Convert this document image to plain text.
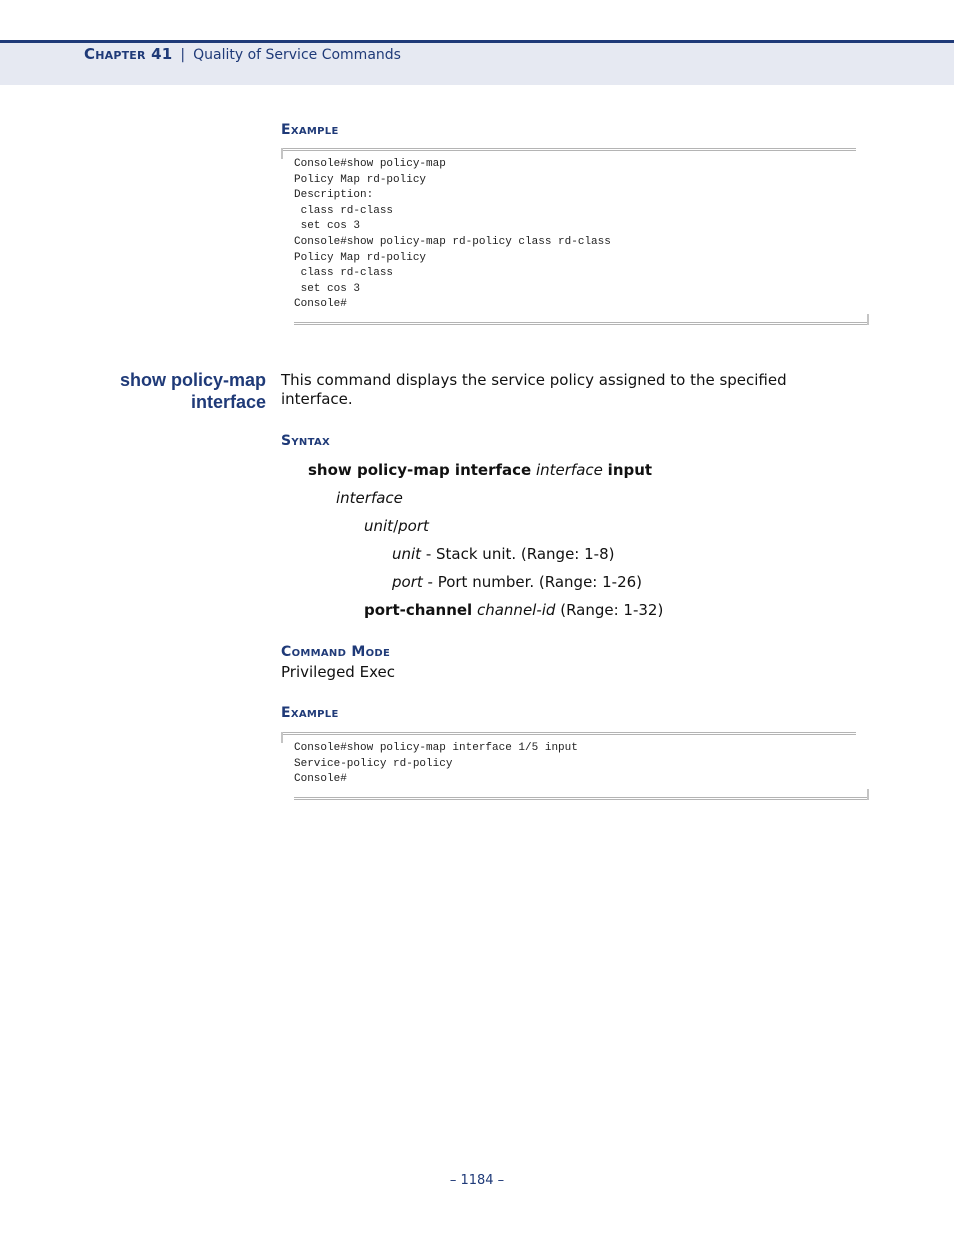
Chapter 41 | Quality of Service Commands
Example
Console#show policy-map
Policy Map rd-policy
Description:
class rd-class
set cos 3
Console#show policy-map rd-policy class rd-class
Policy Map rd-policy
class rd-class
set cos 3
Console#
show policy-map
interface
This command displays the service policy assigned to the specified
interface.
Syntax
show policy-map interface interface input
interface
unit/port
unit - Stack unit. (Range: 1-8)
port - Port number. (Range: 1-26)
port-channel channel-id (Range: 1-32)
Command Mode
Privileged Exec
Example
Console#show policy-map interface 1/5 input
Service-policy rd-policy
Console#
– 1184 –
